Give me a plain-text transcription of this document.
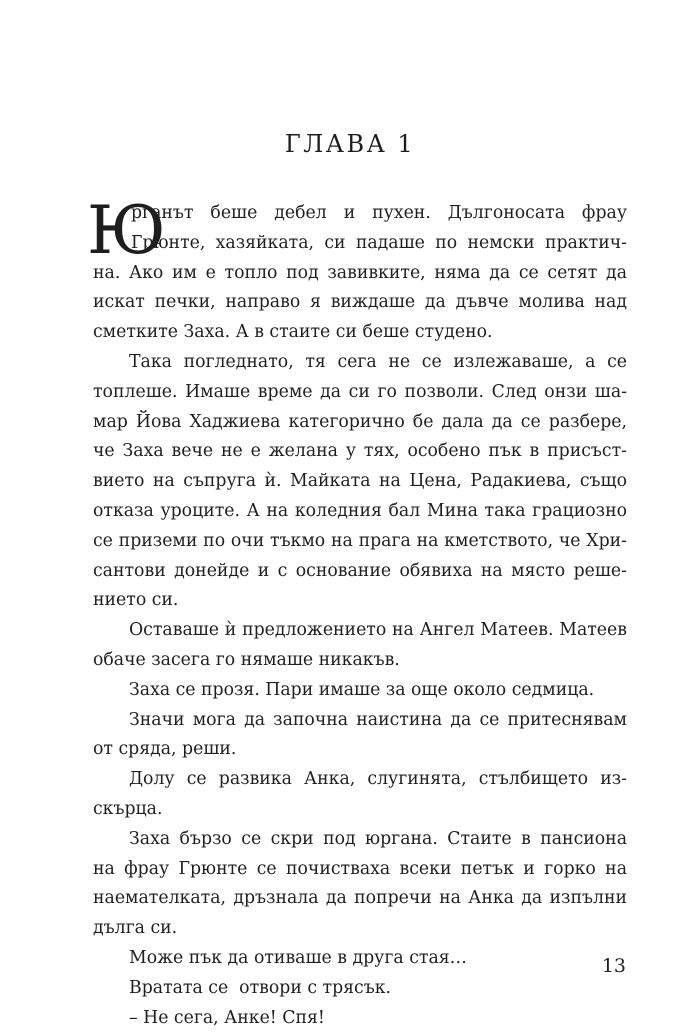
ГЛАВА 1
Ю
рганът беше дебел и пухен. Дългоносата фрау
Грюнте, хазяйката, си падаше по немски практич-
на. Ако им е топло под завивките, няма да се сетят да
искат печки, направо я виждаше да дъвче молива над
сметките Заха. А в стаите си беше студено.
Така погледнато, тя сега не се излежаваше, а се
топлеше. Имаше време да си го позволи. След онзи ша-
мар Йова Хаджиева категорично бе дала да се разбере,
че Заха вече не е желана у тях, особено пък в присъст-
вието на съпруга ѝ. Майката на Цена, Радакиева, също
отказа уроците. А на коледния бал Мина така грациозно
се приземи по очи тъкмо на прага на кметството, че Хри-
сантови донейде и с основание обявиха на място реше-
нието си.
Оставаше ѝ предложението на Ангел Матеев. Матеев
обаче засега го нямаше никакъв.
Заха се прозя. Пари имаше за още около седмица.
Значи мога да започна наистина да се притеснявам
от сряда, реши.
Долу се развика Анка, слугинята, стълбището из-
скърца.
Заха бързо се скри под юргана. Стаите в пансиона
на фрау Грюнте се почистваха всеки петък и горко на
наемателката, дръзнала да попречи на Анка да изпълни
дълга си.
Може пък да отиваше в друга стая…
Вратата се  отвори с трясък.
– Не сега, Анке! Спя!
13
